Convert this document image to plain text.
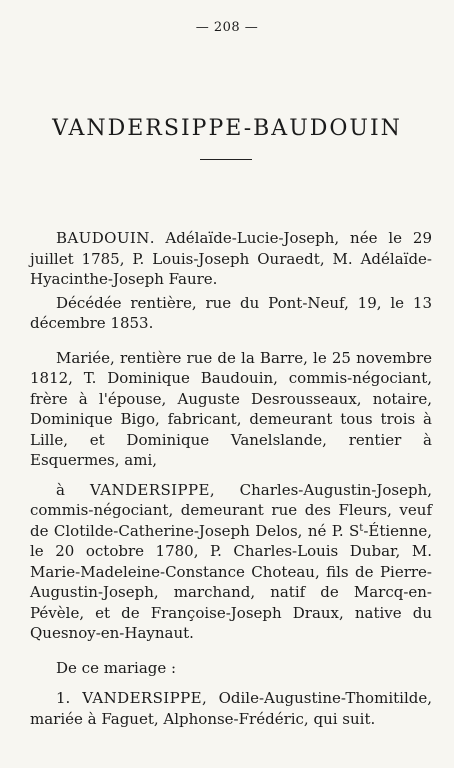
— 208 —
VANDERSIPPE-BAUDOUIN

BAUDOUIN. Adélaïde-Lucie-Joseph, née le 29 juillet 1785, P. Louis-Joseph Ouraedt, M. Adélaïde-Hyacinthe-Joseph Faure.

Décédée rentière, rue du Pont-Neuf, 19, le 13 décembre 1853.

Mariée, rentière rue de la Barre, le 25 novembre 1812, T. Dominique Baudouin, commis-négociant, frère à l'épouse, Auguste Desrousseaux, notaire, Dominique Bigo, fabricant, demeurant tous trois à Lille, et Dominique Vanelslande, rentier à Esquermes, ami,

à VANDERSIPPE, Charles-Augustin-Joseph, commis-négociant, demeurant rue des Fleurs, veuf de Clotilde-Catherine-Joseph Delos, né P. $S^t$-Étienne, le 20 octobre 1780, P. Charles-Louis Dubar, M. Marie-Madeleine-Constance Choteau, fils de Pierre-Augustin-Joseph, marchand, natif de Marcq-en-Pévèle, et de Françoise-Joseph Draux, native du Quesnoy-en-Haynaut.

De ce mariage :

1. VANDERSIPPE, Odile-Augustine-Thomitilde, mariée à Faguet, Alphonse-Frédéric, qui suit.
